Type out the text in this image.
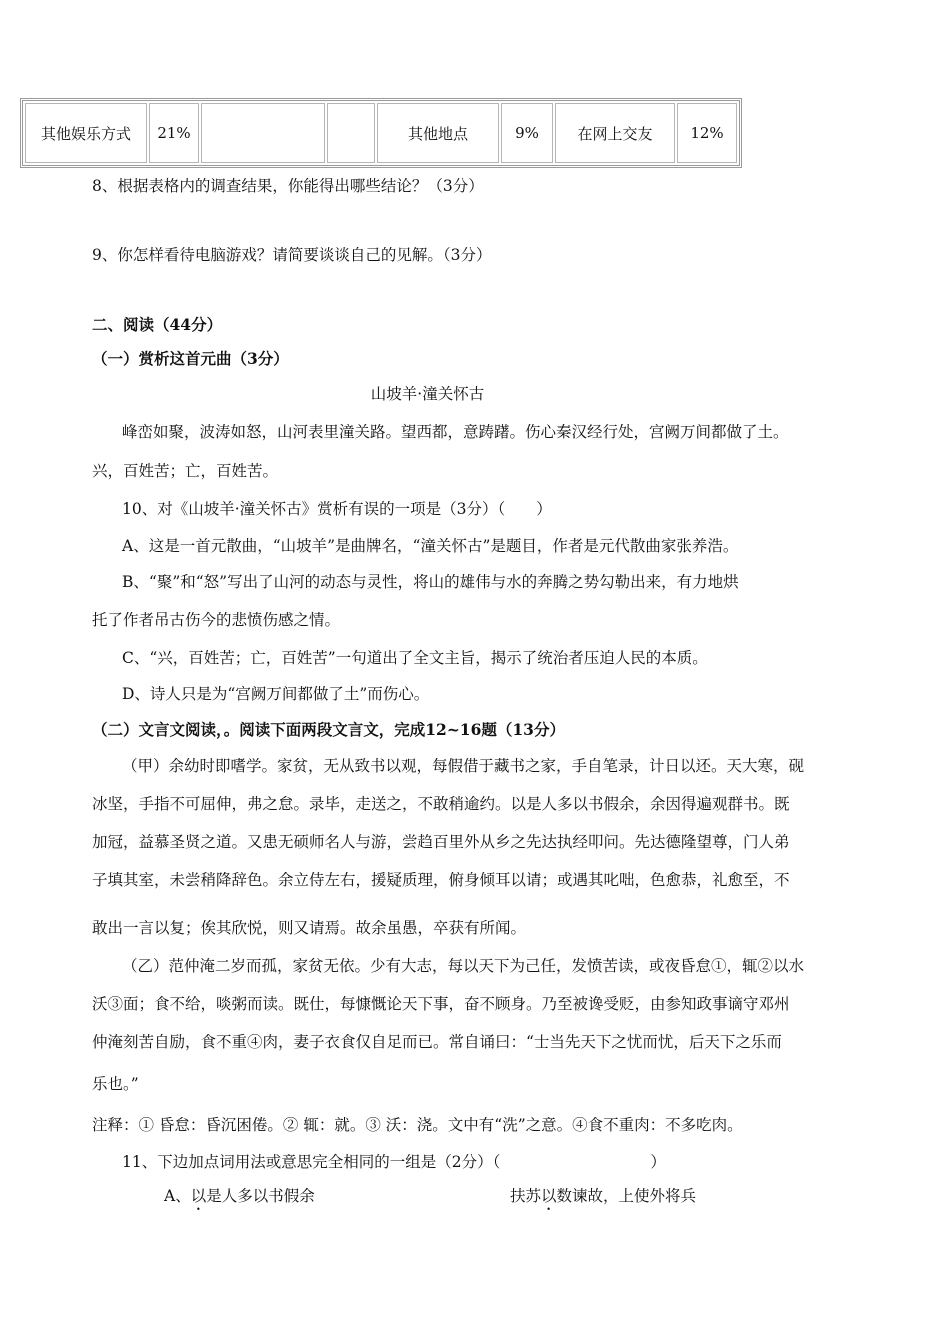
其他娱乐方式	21%			其他地点	9%	在网上交友	12%
8、根据表格内的调查结果，你能得出哪些结论？（3分）
9、你怎样看待电脑游戏？请简要谈谈自己的见解。（3分）
二、阅读（44分）
（一）赏析这首元曲（3分）
山坡羊·潼关怀古
峰峦如聚，波涛如怒，山河表里潼关路。望西都，意踌躇。伤心秦汉经行处，宫阙万间都做了土。
兴，百姓苦；亡，百姓苦。
10、对《山坡羊·潼关怀古》赏析有误的一项是（3分）（　　）
A、这是一首元散曲，“山坡羊”是曲牌名，“潼关怀古”是题目，作者是元代散曲家张养浩。
B、“聚”和“怒”写出了山河的动态与灵性，将山的雄伟与水的奔腾之势勾勒出来，有力地烘
托了作者吊古伤今的悲愤伤感之情。
C、“兴，百姓苦；亡，百姓苦”一句道出了全文主旨，揭示了统治者压迫人民的本质。
D、诗人只是为“宫阙万间都做了土”而伤心。
（二）文言文阅读，。阅读下面两段文言文，完成12~16题（13分）
（甲）余幼时即嗜学。家贫，无从致书以观，每假借于藏书之家，手自笔录，计日以还。天大寒，砚
冰坚，手指不可屈伸，弗之怠。录毕，走送之，不敢稍逾约。以是人多以书假余，余因得遍观群书。既
加冠，益慕圣贤之道。又患无硕师名人与游，尝趋百里外从乡之先达执经叩问。先达德隆望尊，门人弟
子填其室，未尝稍降辞色。余立侍左右，援疑质理，俯身倾耳以请；或遇其叱咄，色愈恭，礼愈至，不
敢出一言以复；俟其欣悦，则又请焉。故余虽愚，卒获有所闻。
（乙）范仲淹二岁而孤，家贫无依。少有大志，每以天下为己任，发愤苦读，或夜昏怠①，辄②以水
沃③面；食不给，啖粥而读。既仕，每慷慨论天下事，奋不顾身。乃至被谗受贬，由参知政事谪守邓州
仲淹刻苦自励，食不重④肉，妻子衣食仅自足而已。常自诵曰：“士当先天下之忧而忧，后天下之乐而
乐也。”
注释：① 昏怠：昏沉困倦。② 辄：就。③ 沃：浇。文中有“洗”之意。④食不重肉：不多吃肉。
11、下边加点词用法或意思完全相同的一组是（2分）（	）
A、以是人多以书假余	扶苏以数谏故，上使外将兵
